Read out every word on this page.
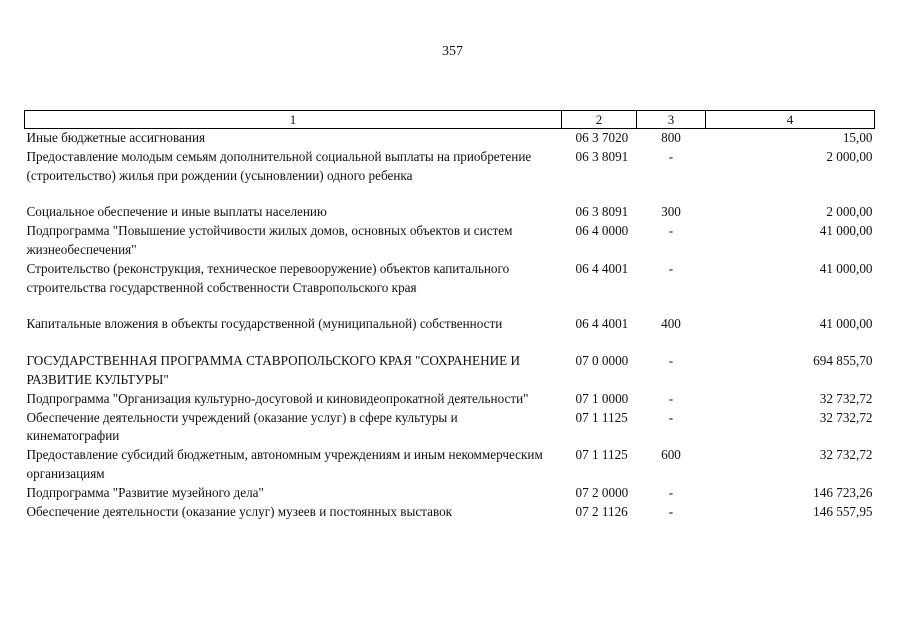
357
1	2	3	4
Иные бюджетные ассигнования	06 3 7020	800	15,00
Предоставление молодым семьям дополнительной социальной выплаты на приобретение (строительство) жилья при рождении (усыновлении) одного ребенка	06 3 8091	-	2 000,00

Социальное обеспечение и иные выплаты населению	06 3 8091	300	2 000,00
Подпрограмма "Повышение устойчивости жилых домов, основных объектов и систем жизнеобеспечения"	06 4 0000	-	41 000,00
Строительство (реконструкция, техническое перевооружение) объектов капитального строительства государственной собственности Ставропольского края	06 4 4001	-	41 000,00

Капитальные вложения в объекты государственной (муниципальной) собственности	06 4 4001	400	41 000,00

ГОСУДАРСТВЕННАЯ ПРОГРАММА СТАВРОПОЛЬСКОГО КРАЯ "СОХРАНЕНИЕ И РАЗВИТИЕ КУЛЬТУРЫ"	07 0 0000	-	694 855,70
Подпрограмма "Организация культурно-досуговой и киновидеопрокатной деятельности"	07 1 0000	-	32 732,72
Обеспечение деятельности учреждений (оказание услуг) в сфере культуры и кинематографии	07 1 1125	-	32 732,72
Предоставление субсидий бюджетным, автономным учреждениям и иным некоммерческим организациям	07 1 1125	600	32 732,72
Подпрограмма "Развитие музейного дела"	07 2 0000	-	146 723,26
Обеспечение деятельности (оказание услуг) музеев и постоянных выставок	07 2 1126	-	146 557,95
